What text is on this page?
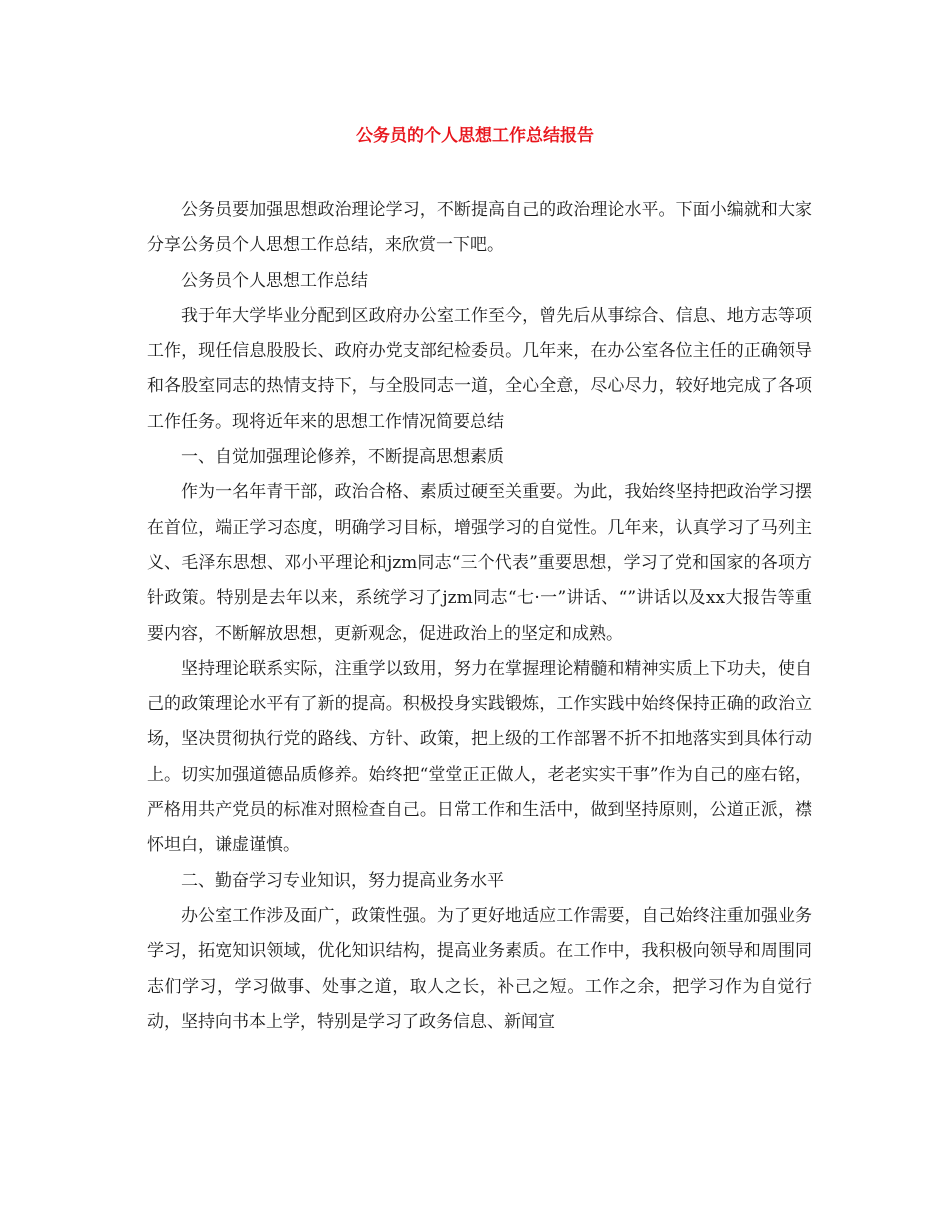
公务员的个人思想工作总结报告

公务员要加强思想政治理论学习，不断提高自己的政治理论水平。下面小编就和大家分享公务员个人思想工作总结，来欣赏一下吧。

公务员个人思想工作总结

我于年大学毕业分配到区政府办公室工作至今，曾先后从事综合、信息、地方志等项工作，现任信息股股长、政府办党支部纪检委员。几年来，在办公室各位主任的正确领导和各股室同志的热情支持下，与全股同志一道，全心全意，尽心尽力，较好地完成了各项工作任务。现将近年来的思想工作情况简要总结

一、自觉加强理论修养，不断提高思想素质

作为一名年青干部，政治合格、素质过硬至关重要。为此，我始终坚持把政治学习摆在首位，端正学习态度，明确学习目标，增强学习的自觉性。几年来，认真学习了马列主义、毛泽东思想、邓小平理论和jzm同志“三个代表”重要思想，学习了党和国家的各项方针政策。特别是去年以来，系统学习了jzm同志“七·一”讲话、“”讲话以及xx大报告等重要内容，不断解放思想，更新观念，促进政治上的坚定和成熟。

坚持理论联系实际，注重学以致用，努力在掌握理论精髓和精神实质上下功夫，使自己的政策理论水平有了新的提高。积极投身实践锻炼，工作实践中始终保持正确的政治立场，坚决贯彻执行党的路线、方针、政策，把上级的工作部署不折不扣地落实到具体行动上。切实加强道德品质修养。始终把“堂堂正正做人，老老实实干事”作为自己的座右铭，严格用共产党员的标准对照检查自己。日常工作和生活中，做到坚持原则，公道正派，襟怀坦白，谦虚谨慎。

二、勤奋学习专业知识，努力提高业务水平

办公室工作涉及面广，政策性强。为了更好地适应工作需要，自己始终注重加强业务学习，拓宽知识领域，优化知识结构，提高业务素质。在工作中，我积极向领导和周围同志们学习，学习做事、处事之道，取人之长，补己之短。工作之余，把学习作为自觉行动，坚持向书本上学，特别是学习了政务信息、新闻宣
